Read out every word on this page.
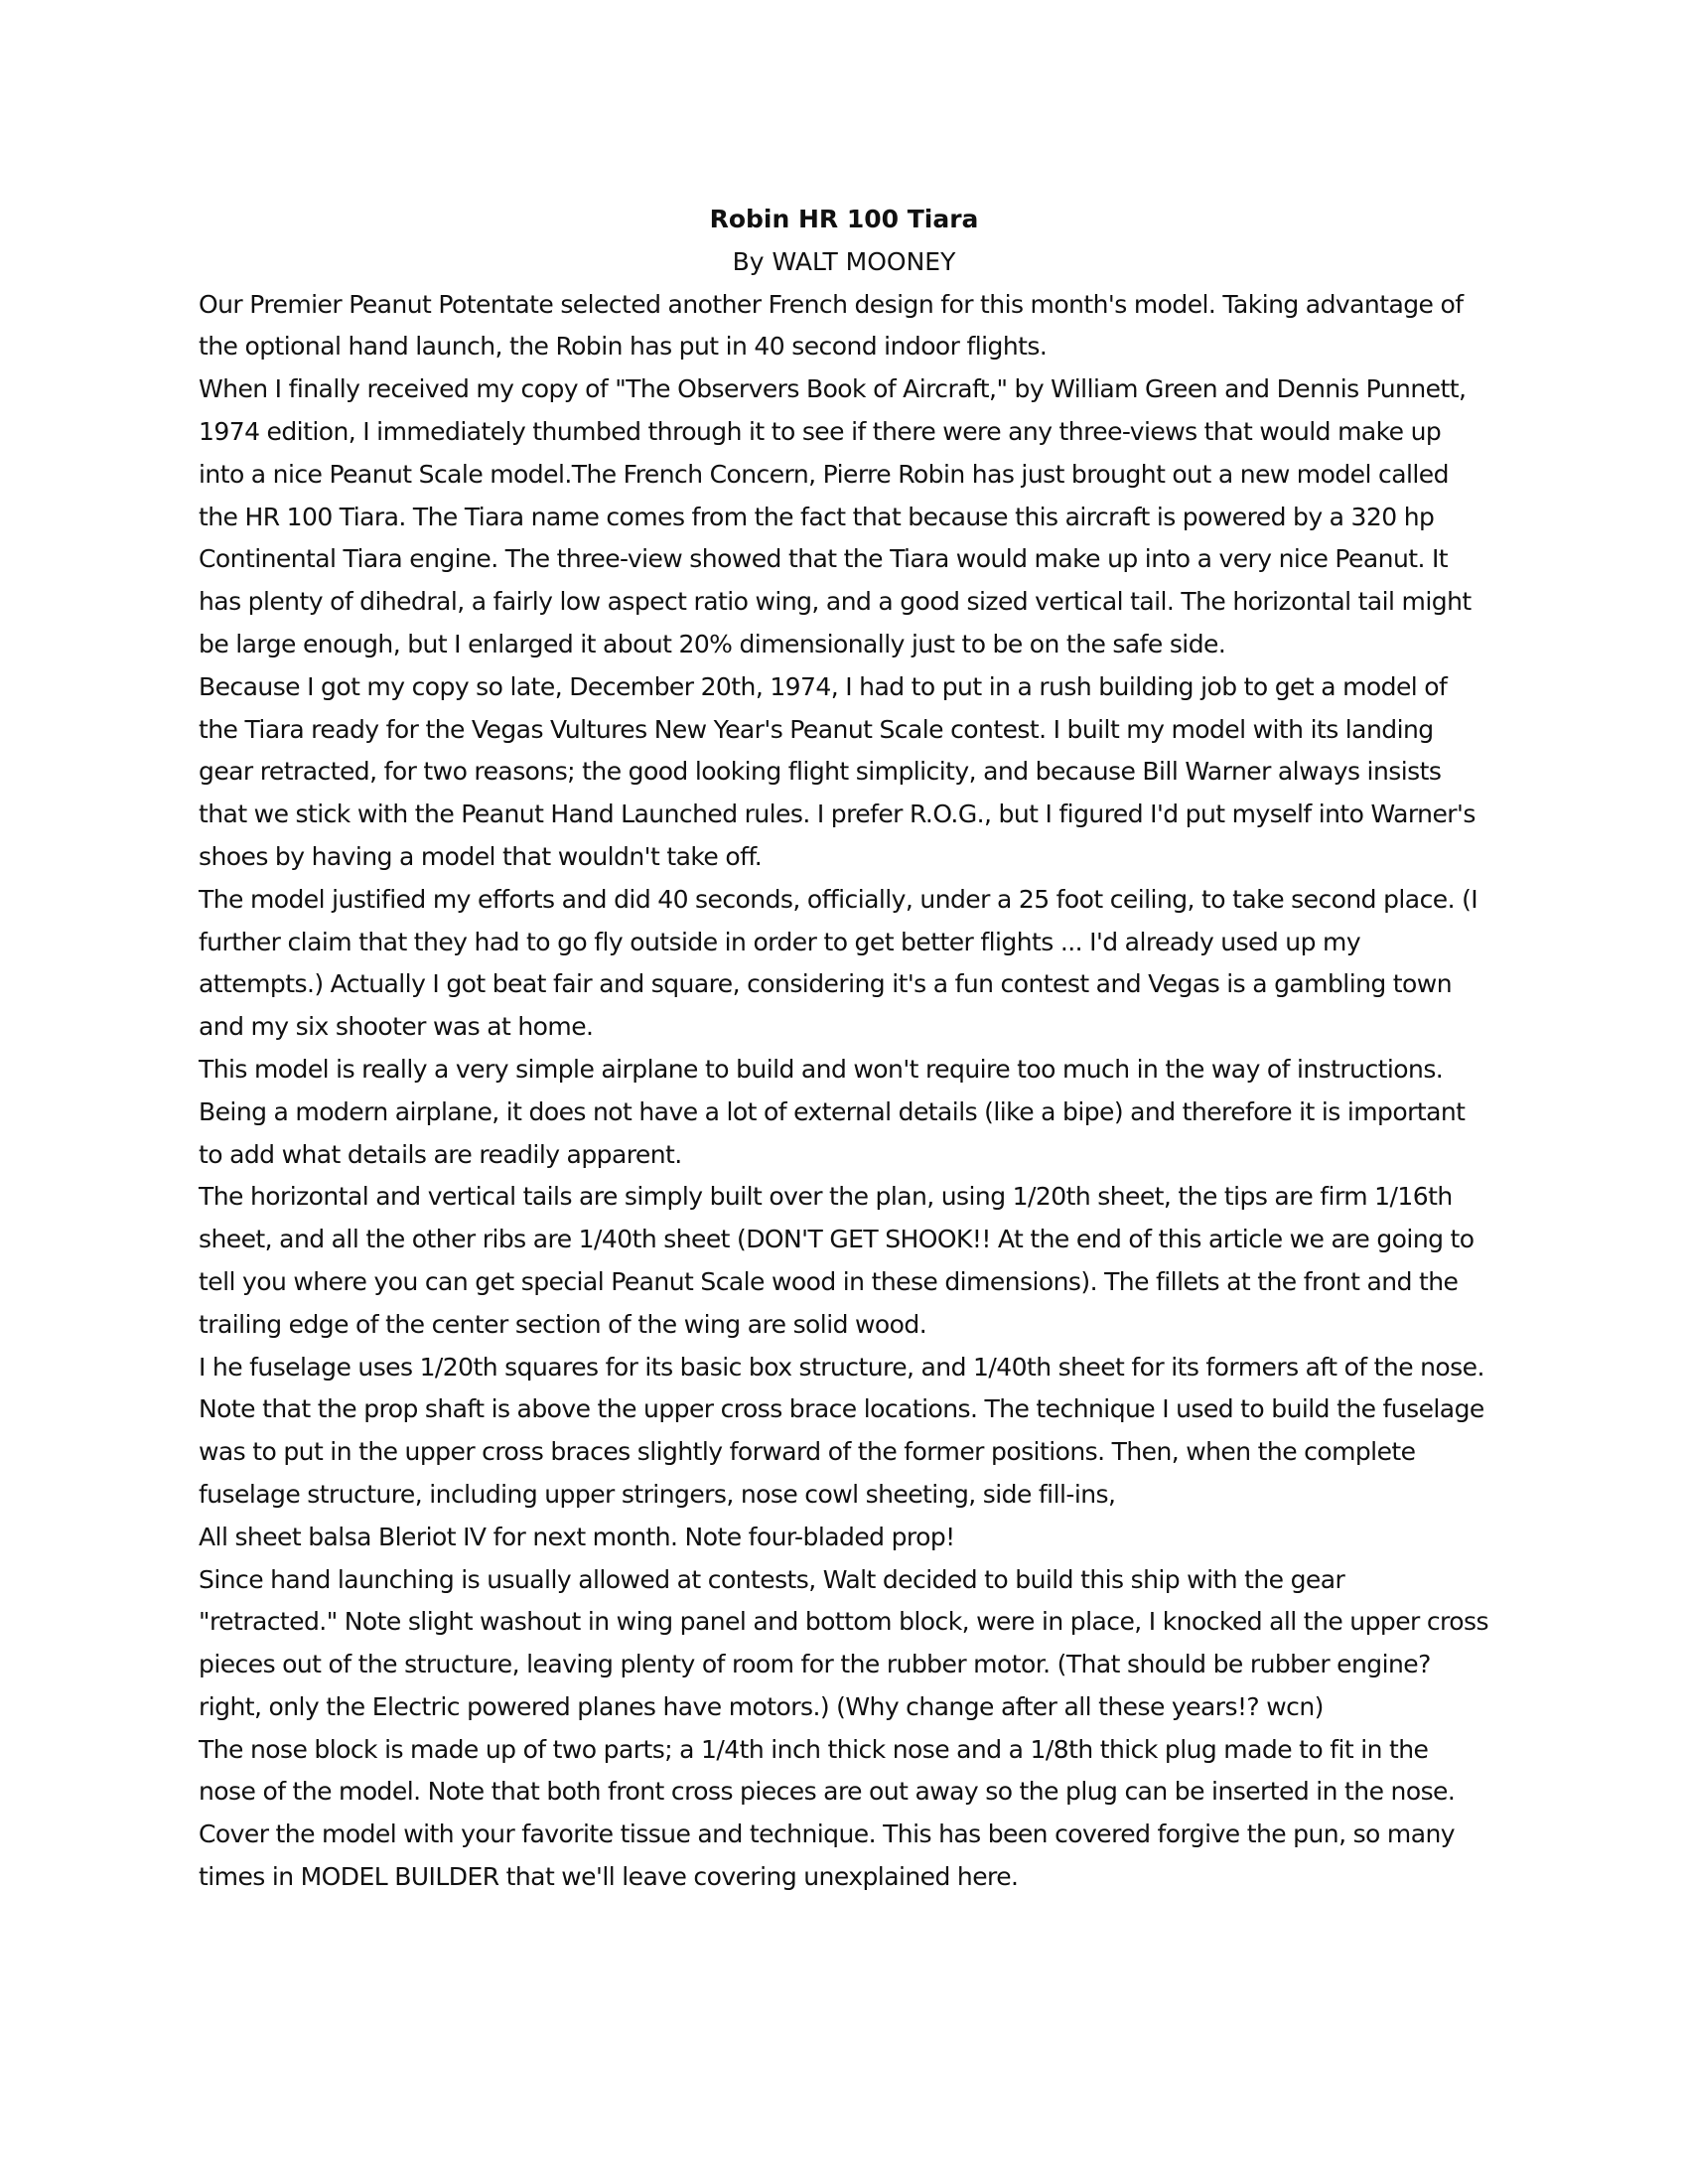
Robin HR 100 Tiara

By WALT MOONEY

Our Premier Peanut Potentate selected another French design for this month's model. Taking advantage of the optional hand launch, the Robin has put in 40 second indoor flights.

When I finally received my copy of "The Observers Book of Aircraft," by William Green and Dennis Punnett, 1974 edition, I immediately thumbed through it to see if there were any three-views that would make up into a nice Peanut Scale model.The French Concern, Pierre Robin has just brought out a new model called the HR 100 Tiara. The Tiara name comes from the fact that because this aircraft is powered by a 320 hp Continental Tiara engine. The three-view showed that the Tiara would make up into a very nice Peanut. It has plenty of dihedral, a fairly low aspect ratio wing, and a good sized vertical tail. The horizontal tail might be large enough, but I enlarged it about 20% dimensionally just to be on the safe side.

Because I got my copy so late, December 20th, 1974, I had to put in a rush building job to get a model of the Tiara ready for the Vegas Vultures New Year's Peanut Scale contest. I built my model with its landing gear retracted, for two reasons; the good looking flight simplicity, and because Bill Warner always insists that we stick with the Peanut Hand Launched rules. I prefer R.O.G., but I figured I'd put myself into Warner's shoes by having a model that wouldn't take off.

The model justified my efforts and did 40 seconds, officially, under a 25 foot ceiling, to take second place. (I further claim that they had to go fly outside in order to get better flights ... I'd already used up my attempts.) Actually I got beat fair and square, considering it's a fun contest and Vegas is a gambling town and my six shooter was at home.

This model is really a very simple airplane to build and won't require too much in the way of instructions. Being a modern airplane, it does not have a lot of external details (like a bipe) and therefore it is important to add what details are readily apparent.

The horizontal and vertical tails are simply built over the plan, using 1/20th sheet, the tips are firm 1/16th sheet, and all the other ribs are 1/40th sheet (DON'T GET SHOOK!! At the end of this article we are going to tell you where you can get special Peanut Scale wood in these dimensions). The fillets at the front and the trailing edge of the center section of the wing are solid wood.

I he fuselage uses 1/20th squares for its basic box structure, and 1/40th sheet for its formers aft of the nose. Note that the prop shaft is above the upper cross brace locations. The technique I used to build the fuselage was to put in the upper cross braces slightly forward of the former positions. Then, when the complete fuselage structure, including upper stringers, nose cowl sheeting, side fill-ins,

All sheet balsa Bleriot IV for next month. Note four-bladed prop!

Since hand launching is usually allowed at contests, Walt decided to build this ship with the gear "retracted." Note slight washout in wing panel and bottom block, were in place, I knocked all the upper cross pieces out of the structure, leaving plenty of room for the rubber motor. (That should be rubber engine? right, only the Electric powered planes have motors.) (Why change after all these years!? wcn)

The nose block is made up of two parts; a 1/4th inch thick nose and a 1/8th thick plug made to fit in the nose of the model. Note that both front cross pieces are out away so the plug can be inserted in the nose.

Cover the model with your favorite tissue and technique. This has been covered forgive the pun, so many times in MODEL BUILDER that we'll leave covering unexplained here.
